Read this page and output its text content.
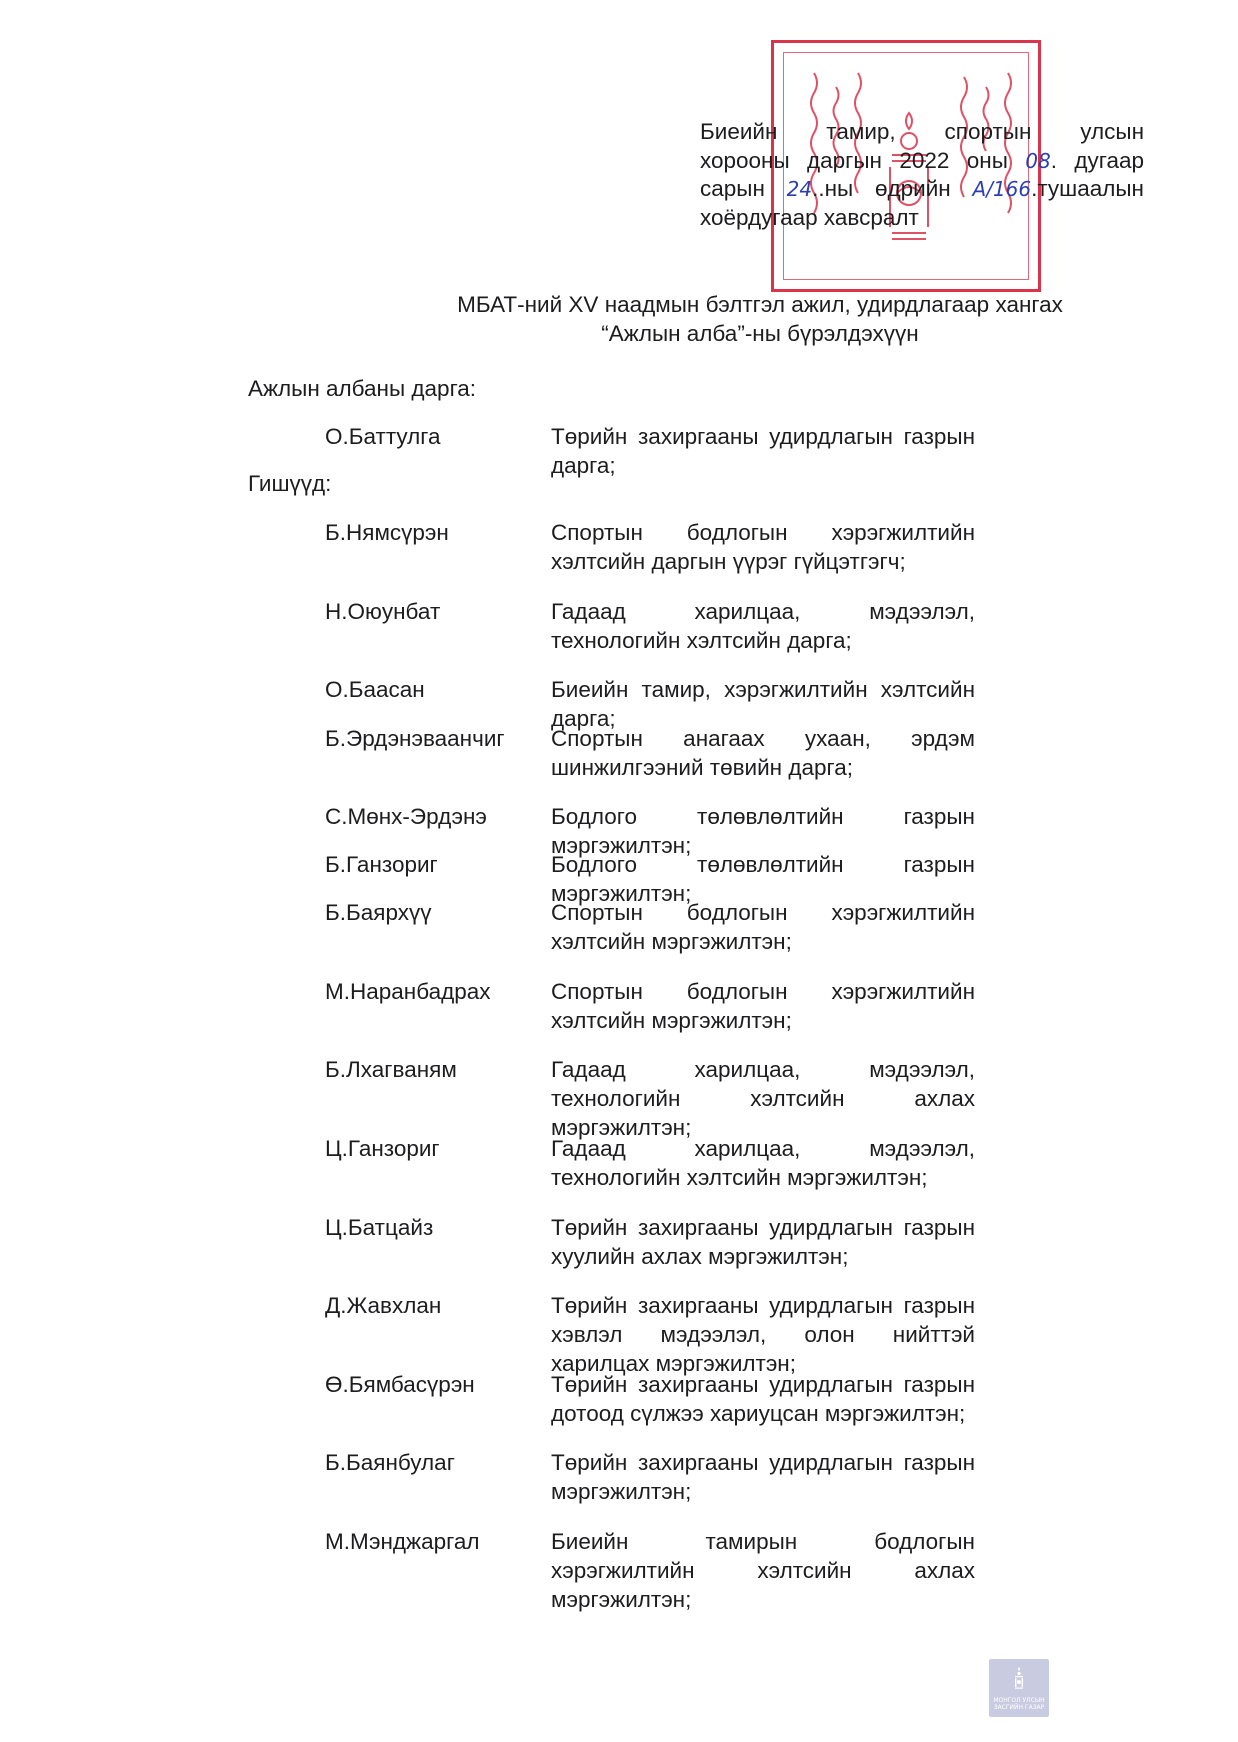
Биеийн тамир, спортын улсын
хорооны даргын 2022 оны 08. дугаар
сарын 24..ны өдрийн А/166.тушаалын
хоёрдугаар хавсралт
МБАТ-ний XV наадмын бэлтгэл ажил, удирдлагаар хангах
“Ажлын алба”-ны бүрэлдэхүүн
Ажлын албаны дарга:
О.Баттулга	Төрийн захиргааны удирдлагын газрын дарга;
Гишүүд:
Б.Нямсүрэн	Спортын бодлогын хэрэгжилтийн хэлтсийн даргын үүрэг гүйцэтгэгч;
Н.Оюунбат	Гадаад харилцаа, мэдээлэл, технологийн хэлтсийн дарга;
О.Баасан	Биеийн тамир, хэрэгжилтийн хэлтсийн дарга;
Б.Эрдэнэваанчиг	Спортын анагаах ухаан, эрдэм шинжилгээний төвийн дарга;
С.Мөнх-Эрдэнэ	Бодлого төлөвлөлтийн газрын мэргэжилтэн;
Б.Ганзориг	Бодлого төлөвлөлтийн газрын мэргэжилтэн;
Б.Баярхүү	Спортын бодлогын хэрэгжилтийн хэлтсийн мэргэжилтэн;
М.Наранбадрах	Спортын бодлогын хэрэгжилтийн хэлтсийн мэргэжилтэн;
Б.Лхагваням	Гадаад харилцаа, мэдээлэл, технологийн хэлтсийн ахлах мэргэжилтэн;
Ц.Ганзориг	Гадаад харилцаа, мэдээлэл, технологийн хэлтсийн мэргэжилтэн;
Ц.Батцайз	Төрийн захиргааны удирдлагын газрын хуулийн ахлах мэргэжилтэн;
Д.Жавхлан	Төрийн захиргааны удирдлагын газрын хэвлэл мэдээлэл, олон нийттэй харилцах мэргэжилтэн;
Ө.Бямбасүрэн	Төрийн захиргааны удирдлагын газрын дотоод сүлжээ хариуцсан мэргэжилтэн;
Б.Баянбулаг	Төрийн захиргааны удирдлагын газрын мэргэжилтэн;
М.Мэнджаргал	Биеийн тамирын бодлогын хэрэгжилтийн хэлтсийн ахлах мэргэжилтэн;
МОНГОЛ УЛСЫН ЗАСГИЙН ГАЗАР
